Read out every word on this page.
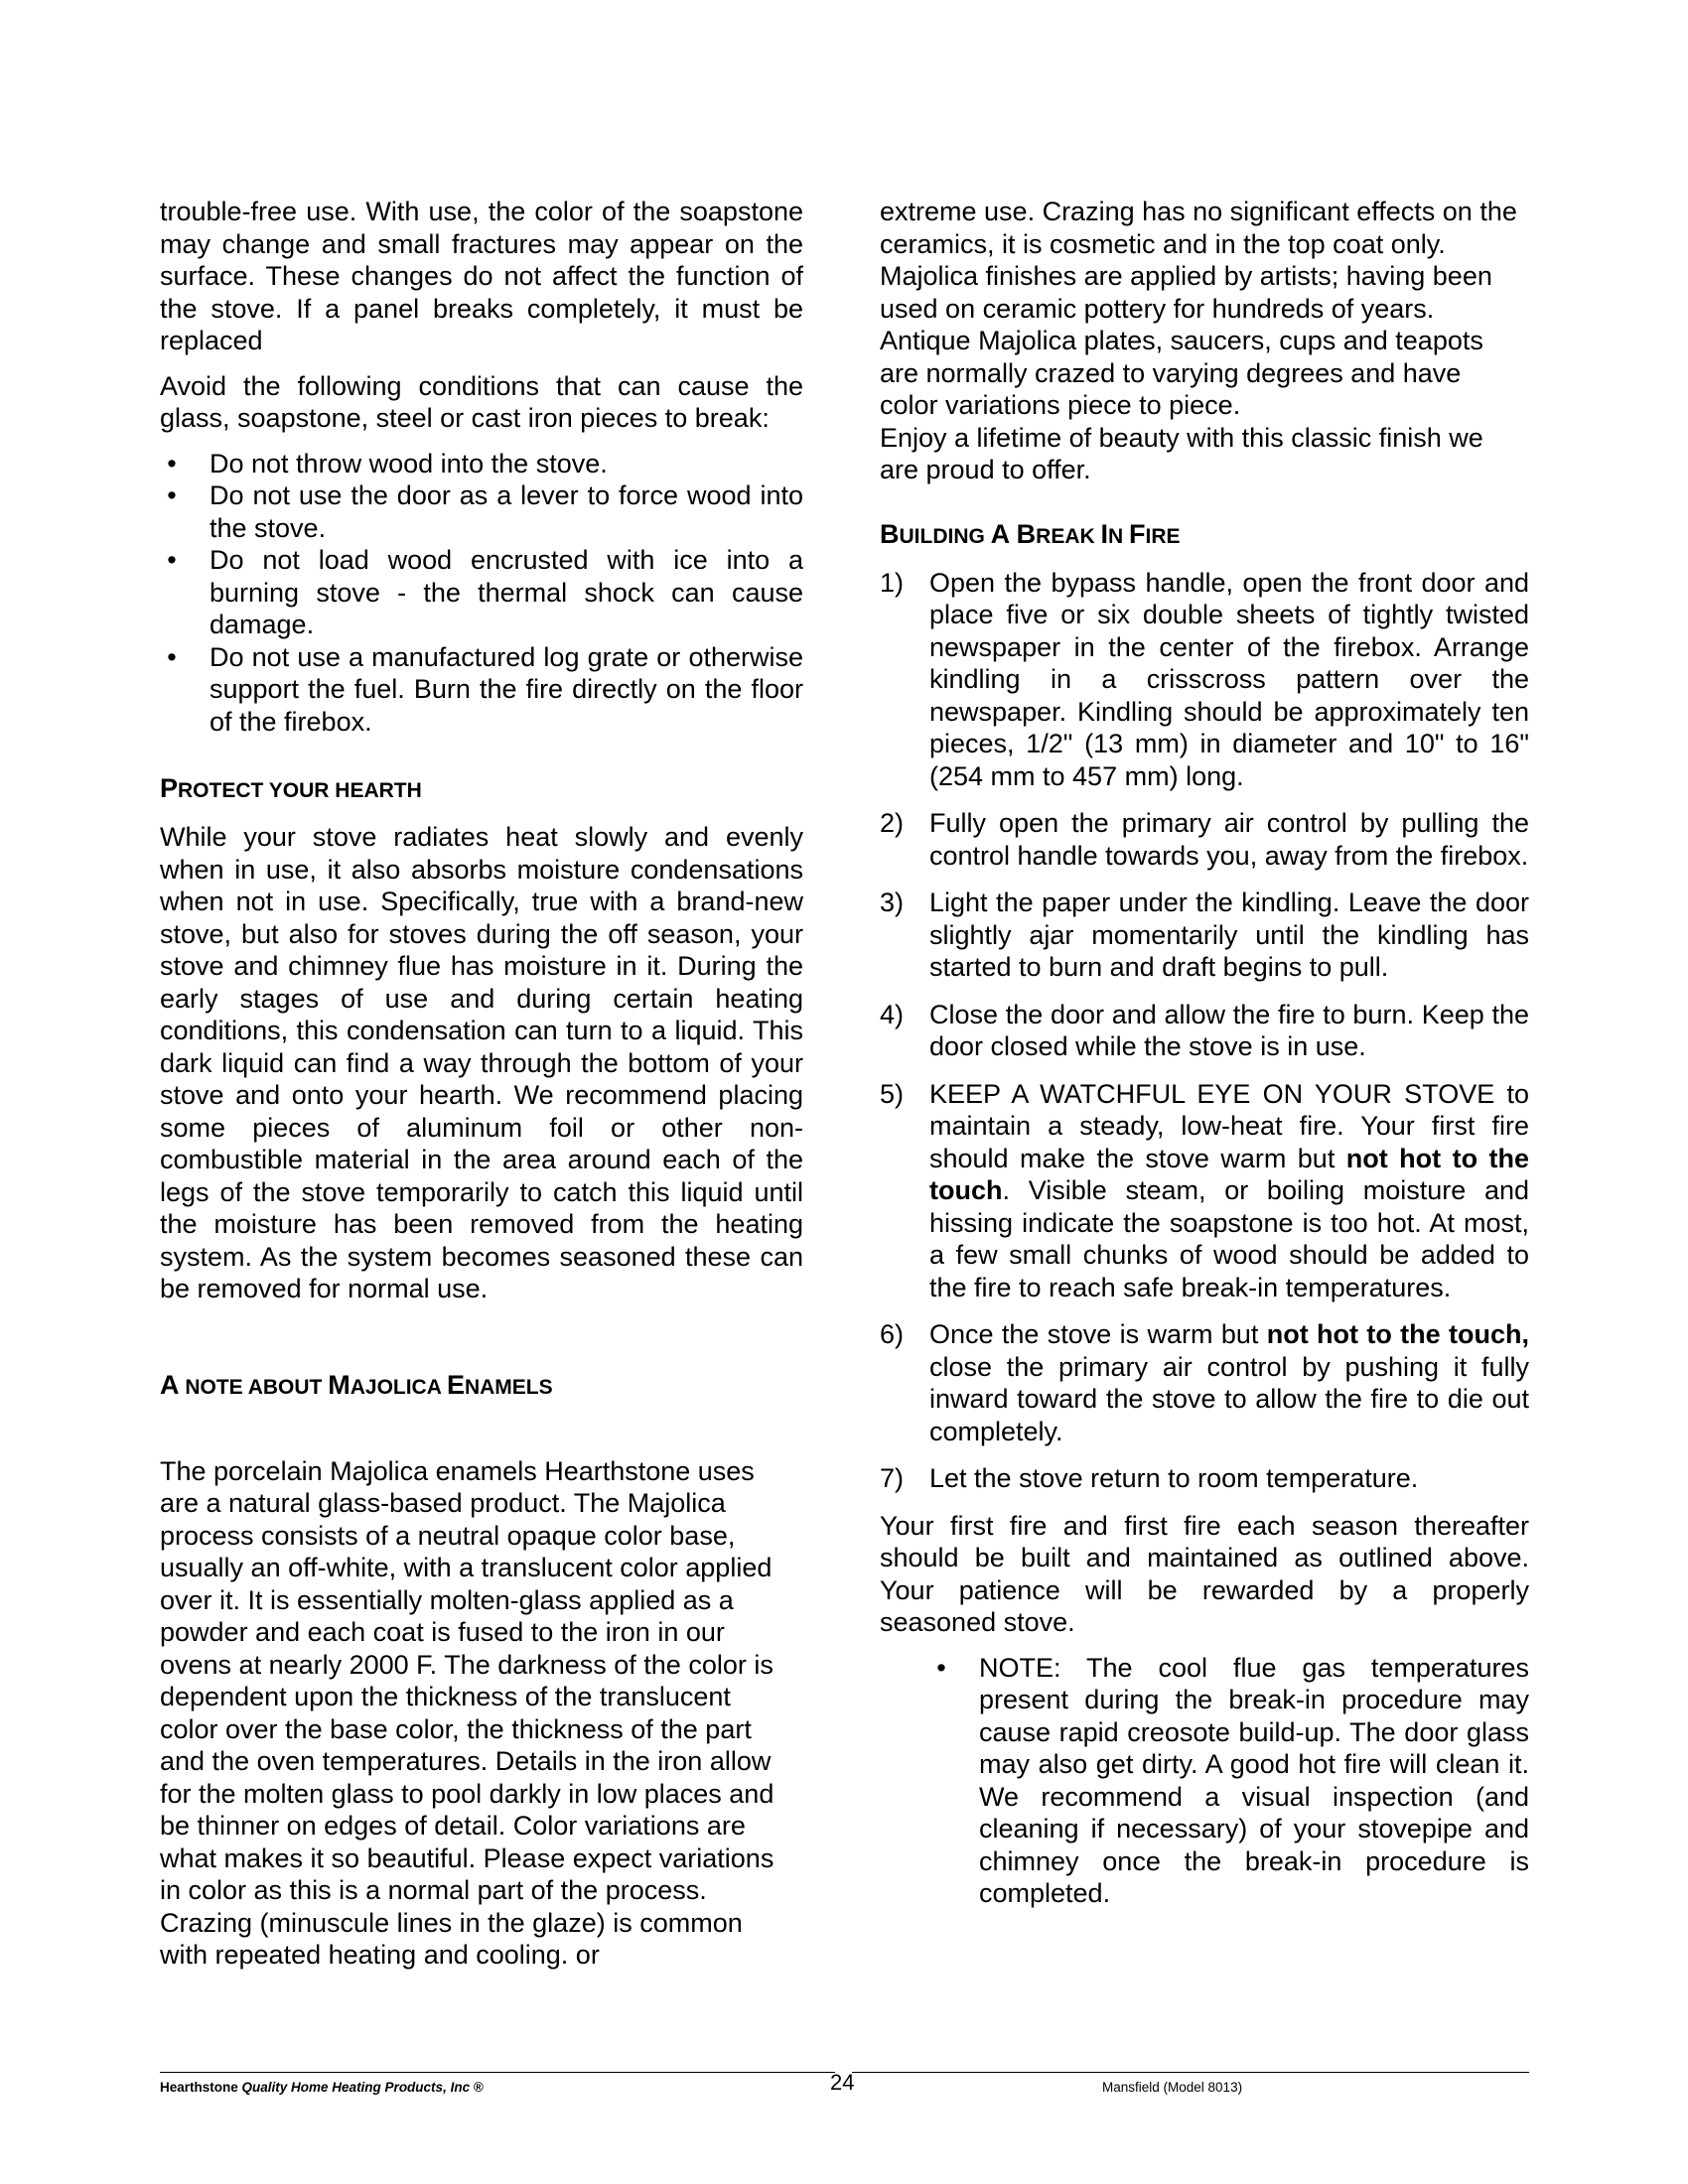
trouble-free use. With use, the color of the soapstone may change and small fractures may appear on the surface. These changes do not affect the function of the stove. If a panel breaks completely, it must be replaced

Avoid the following conditions that can cause the glass, soapstone, steel or cast iron pieces to break:

• Do not throw wood into the stove.
• Do not use the door as a lever to force wood into the stove.
• Do not load wood encrusted with ice into a burning stove - the thermal shock can cause damage.
• Do not use a manufactured log grate or otherwise support the fuel. Burn the fire directly on the floor of the firebox.
PROTECT YOUR HEARTH

While your stove radiates heat slowly and evenly when in use, it also absorbs moisture condensations when not in use. Specifically, true with a brand-new stove, but also for stoves during the off season, your stove and chimney flue has moisture in it. During the early stages of use and during certain heating conditions, this condensation can turn to a liquid. This dark liquid can find a way through the bottom of your stove and onto your hearth. We recommend placing some pieces of aluminum foil or other non-combustible material in the area around each of the legs of the stove temporarily to catch this liquid until the moisture has been removed from the heating system. As the system becomes seasoned these can be removed for normal use.

A NOTE ABOUT MAJOLICA ENAMELS

The porcelain Majolica enamels Hearthstone uses are a natural glass-based product. The Majolica process consists of a neutral opaque color base, usually an off-white, with a translucent color applied over it. It is essentially molten-glass applied as a powder and each coat is fused to the iron in our ovens at nearly 2000 F. The darkness of the color is dependent upon the thickness of the translucent color over the base color, the thickness of the part and the oven temperatures. Details in the iron allow for the molten glass to pool darkly in low places and be thinner on edges of detail. Color variations are what makes it so beautiful. Please expect variations in color as this is a normal part of the process. Crazing (minuscule lines in the glaze) is common with repeated heating and cooling. or

extreme use. Crazing has no significant effects on the ceramics, it is cosmetic and in the top coat only. Majolica finishes are applied by artists; having been used on ceramic pottery for hundreds of years. Antique Majolica plates, saucers, cups and teapots are normally crazed to varying degrees and have color variations piece to piece.

Enjoy a lifetime of beauty with this classic finish we are proud to offer.

BUILDING A BREAK IN FIRE
1) Open the bypass handle, open the front door and place five or six double sheets of tightly twisted newspaper in the center of the firebox. Arrange kindling in a crisscross pattern over the newspaper. Kindling should be approximately ten pieces, 1/2" (13 mm) in diameter and 10" to 16" (254 mm to 457 mm) long.
2) Fully open the primary air control by pulling the control handle towards you, away from the firebox.
3) Light the paper under the kindling. Leave the door slightly ajar momentarily until the kindling has started to burn and draft begins to pull.
4) Close the door and allow the fire to burn. Keep the door closed while the stove is in use.
5) KEEP A WATCHFUL EYE ON YOUR STOVE to maintain a steady, low-heat fire. Your first fire should make the stove warm but not hot to the touch. Visible steam, or boiling moisture and hissing indicate the soapstone is too hot. At most, a few small chunks of wood should be added to the fire to reach safe break-in temperatures.
6) Once the stove is warm but not hot to the touch, close the primary air control by pushing it fully inward toward the stove to allow the fire to die out completely.
7) Let the stove return to room temperature.

Your first fire and first fire each season thereafter should be built and maintained as outlined above. Your patience will be rewarded by a properly seasoned stove.

• NOTE: The cool flue gas temperatures present during the break-in procedure may cause rapid creosote build-up. The door glass may also get dirty. A good hot fire will clean it. We recommend a visual inspection (and cleaning if necessary) of your stovepipe and chimney once the break-in procedure is completed.
Hearthstone Quality Home Heating Products, Inc ®	24	Mansfield (Model 8013)
